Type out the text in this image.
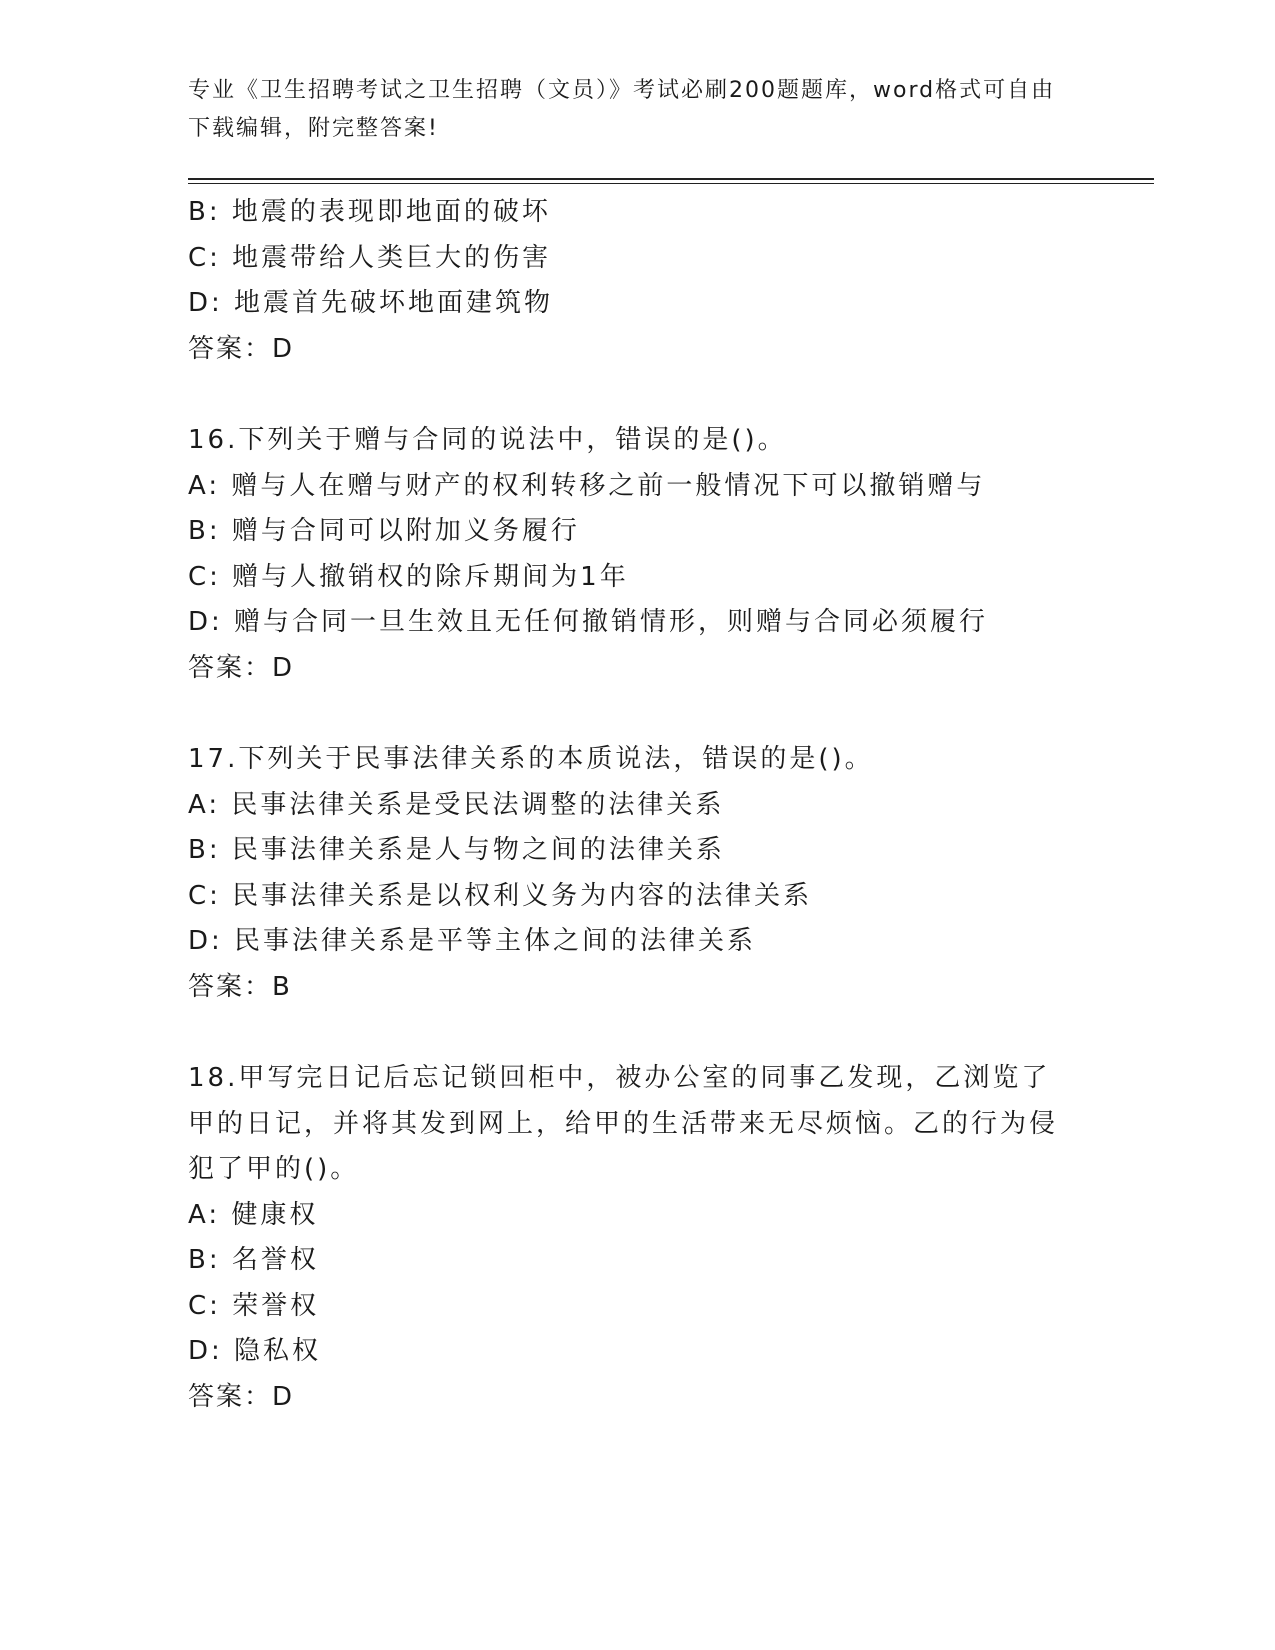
专业《卫生招聘考试之卫生招聘（文员）》考试必刷200题题库，word格式可自由下载编辑，附完整答案!
B: 地震的表现即地面的破坏
C: 地震带给人类巨大的伤害
D: 地震首先破坏地面建筑物
答案：D
16.下列关于赠与合同的说法中，错误的是()。
A: 赠与人在赠与财产的权利转移之前一般情况下可以撤销赠与
B: 赠与合同可以附加义务履行
C: 赠与人撤销权的除斥期间为1年
D: 赠与合同一旦生效且无任何撤销情形，则赠与合同必须履行
答案：D
17.下列关于民事法律关系的本质说法，错误的是()。
A: 民事法律关系是受民法调整的法律关系
B: 民事法律关系是人与物之间的法律关系
C: 民事法律关系是以权利义务为内容的法律关系
D: 民事法律关系是平等主体之间的法律关系
答案：B
18.甲写完日记后忘记锁回柜中，被办公室的同事乙发现，乙浏览了甲的日记，并将其发到网上，给甲的生活带来无尽烦恼。乙的行为侵犯了甲的()。
A: 健康权
B: 名誉权
C: 荣誉权
D: 隐私权
答案：D
